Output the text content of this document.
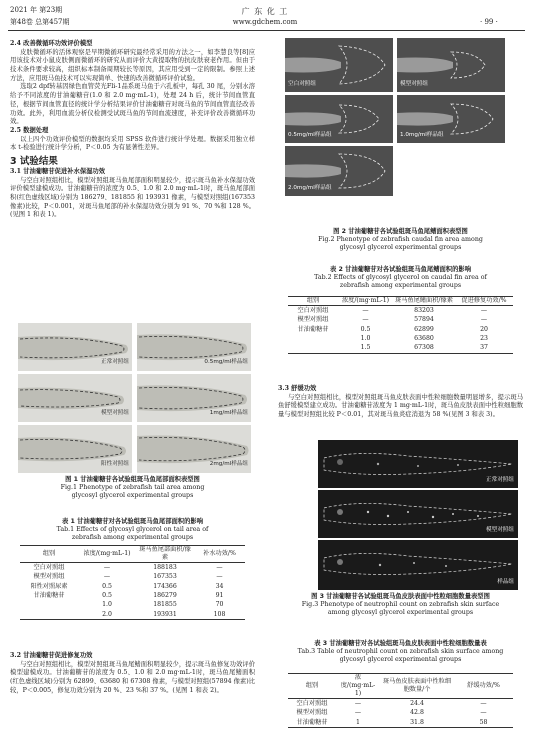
2021 年 第23期
第48卷 总第457期
广 东 化 工
www.gdchem.com	· 99 ·
2.4 改善微循环功效评价模型

皮肤微循环的活体观察是早期微循环研究最经常采用的方法之一，如李慧良等[8]应用该技术对小鼠皮肤侧面微循环的研究从而评价大黄提取物的抗皮肤衰老作用。但由于技术条件要求较高，组织标本制备周期较长等原因，其应用受到一定的限制。参照上述方法，应用斑马鱼技术可以实现简单、快速的改善微循环评价试验。

选取2 dpf转基因绿色血管荧光Fli-1品系斑马鱼于六孔板中，每孔 30 尾，分别水溶给予不同浓度的甘油葡糖苷(1.0 和 2.0 mg·mL-1)，处理 24 h 后，统计节间血管直径，根据节间血管直径的统计学分析结果评价甘油葡糖苷对斑马鱼的节间血管直径改善功效。此外，利用血流分析仪检测受试斑马鱼的节间血流速度，补充评价改善微循环功效。

2.5 数据处理

以上四个功效评价模型的数据均采用 SPSS 软件进行统计学处理。数据采用独立样本 t-检验进行统计学分析，P＜0.05 为有显著性差异。

3 试验结果
3.1 甘油葡糖苷促进补水保湿功效

与空白对照组相比，模型对照组斑马鱼尾部面积明显较少，提示斑马鱼补水保湿功效评价模型建模成功。甘油葡糖苷的浓度为 0.5、1.0 和 2.0 mg·mL-1时，斑马鱼尾部面积(红色虚线区域)分别为 186279、181855 和 193931 像素，与模型对照组(167353 像素)比较，P＜0.001，对斑马鱼尾部的补水保湿功效分别为 91 %、70 %和 128 %。(见图 1 和表 1)。

正常对照组	0.5mg/ml样品组
模型对照组	1mg/ml样品组
阳性对照组	2mg/ml样品组
图 1 甘油葡糖苷各试验组斑马鱼尾部面积表型图
Fig.1 Phenotype of zebrafish tail area among
glycosyl glycerol experimental groups
表 1 甘油葡糖苷对各试验组斑马鱼尾部面积的影响
Tab.1 Effects of glycosyl glycerol on tail area of
zebrafish among experimental groups
组别	浓度/(mg·mL-1)	斑马鱼尾部面积/像素	补水功效/%
空白对照组	—	188183	—
模型对照组	—	167353	—
阳性对照尿素	0.5	174366	34
甘油葡糖苷	0.5	186279	91
	1.0	181855	70
	2.0	193931	108
3.2 甘油葡糖苷促进修复功效

与空白对照组相比，模型对照组斑马鱼尾鳍面积明显较少，提示斑马鱼修复功效评价模型建模成功。甘油葡糖苷的浓度为 0.5、1.0 和 2.0 mg·mL-1时，斑马鱼尾鳍面积(红色虚线区域)分别为 62899、63680 和 67308 像素，与模型对照组(57894 像素)比较，P＜0.005，修复功效分别为 20 %、23 %和 37 %。(见图 1 和表 2)。

空白对照组	模型对照组
0.5mg/ml样品组	1.0mg/ml样品组
2.0mg/ml样品组
图 2 甘油葡糖苷各试验组斑马鱼尾鳍面积表型图
Fig.2 Phenotype of zebrafish caudal fin area among
glycosyl glycerol experimental groups
表 2 甘油葡糖苷对各试验组斑马鱼尾鳍面积的影响
Tab.2 Effects of glycosyl glycerol on caudal fin area of
zebrafish among experimental groups
组别	浓度/(mg·mL-1)	斑马鱼尾鳍面积/像素	促进修复功效/%
空白对照组	—	83203	—
模型对照组	—	57894	—
甘油葡糖苷	0.5	62899	20
	1.0	63680	23
	1.5	67308	37
3.3 舒缓功效

与空白对照组相比，模型对照组斑马鱼皮肤表面中性粒细胞数量明显增多，提示斑马鱼舒缓模型建立成功。甘油葡糖苷浓度为 1 mg·mL-1时，斑马鱼皮肤表面中性粒细胞数量与模型对照组比较 P＜0.01，其对斑马鱼炎症消退为 58 %(见图 3 和表 3)。

正常对照组
模型对照组
样品组
图 3 甘油葡糖苷各试验组斑马鱼皮肤表面中性粒细胞数量表型图
Fig.3 Phenotype of neutrophil count on zebrafish skin surface
among glycosyl glycerol experimental groups
表 3 甘油葡糖苷对各试验组斑马鱼皮肤表面中性粒细胞数量表
Tab.3 Table of neutrophil count on zebrafish skin surface among
glycosyl glycerol experimental groups
组别	浓度/(mg·mL-1)	斑马鱼皮肤表面中性粒细胞数量/个	舒缓功效/%
空白对照组	—	24.4	—
模型对照组	—	42.8	—
甘油葡糖苷	1	31.8	58
